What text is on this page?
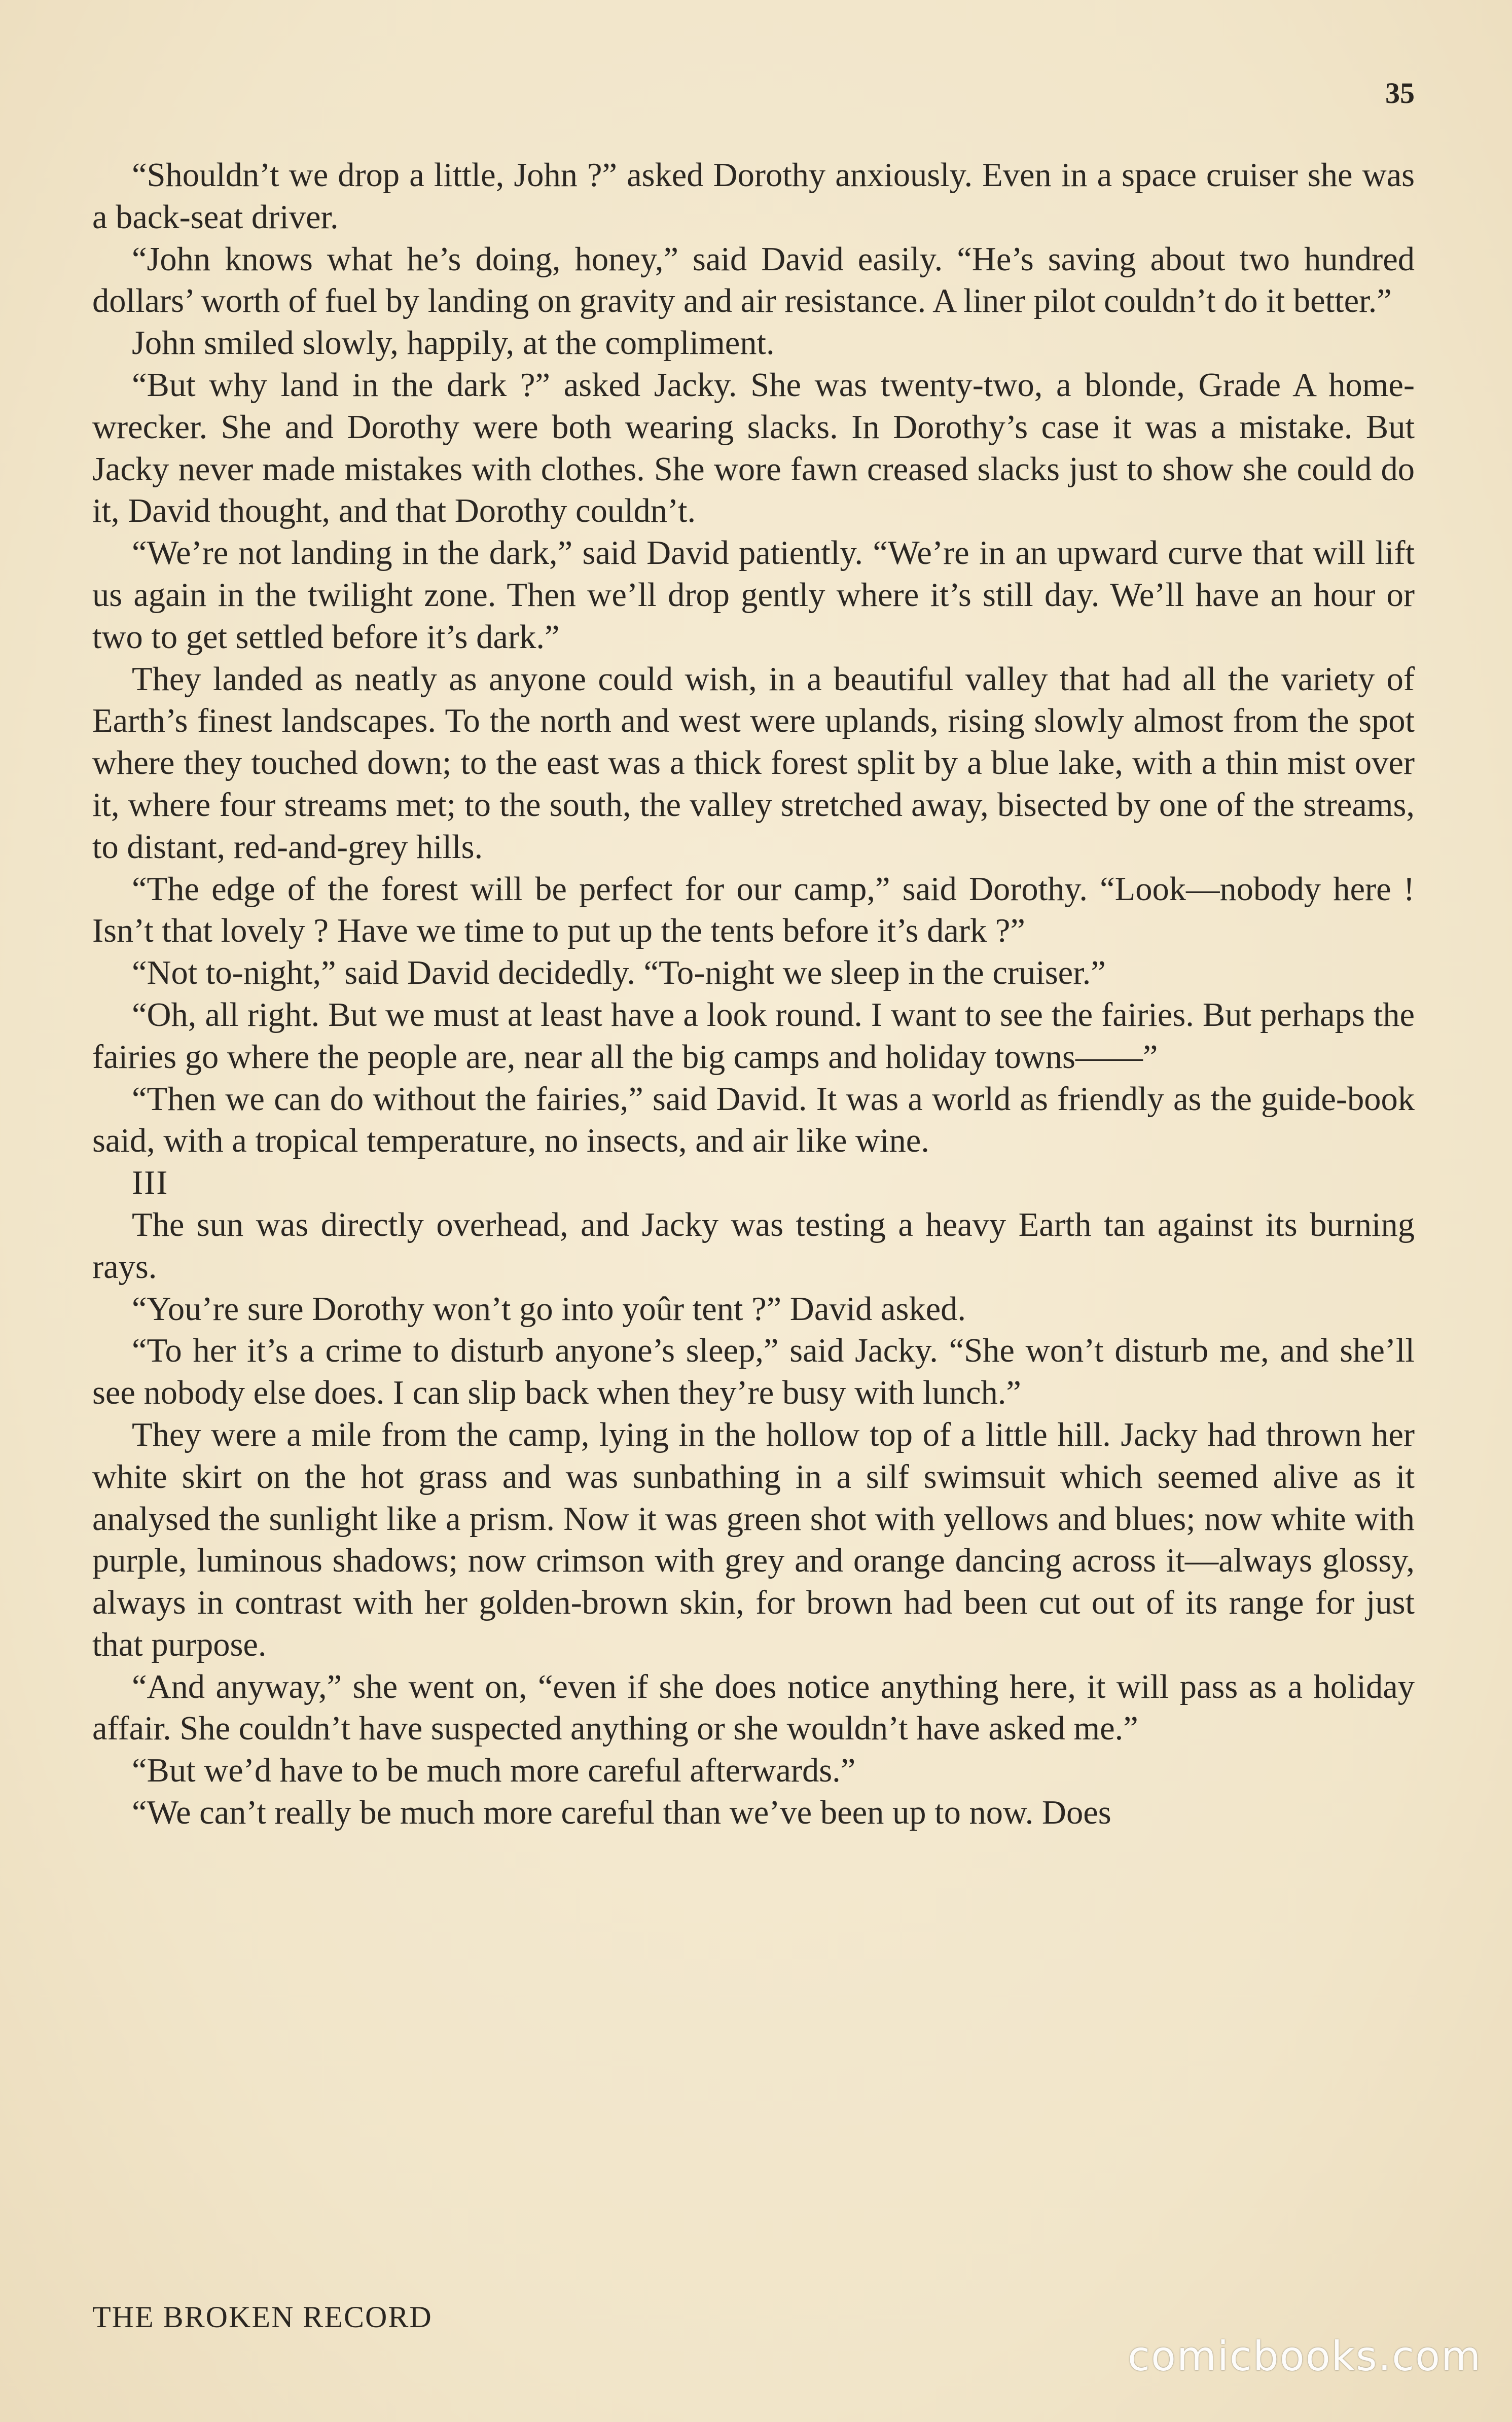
35

“Shouldn’t we drop a little, John ?” asked Dorothy anxiously. Even in a space cruiser she was a back-seat driver.

“John knows what he’s doing, honey,” said David easily. “He’s saving about two hundred dollars’ worth of fuel by landing on gravity and air resistance. A liner pilot couldn’t do it better.”

John smiled slowly, happily, at the compliment.

“But why land in the dark ?” asked Jacky. She was twenty-two, a blonde, Grade A home-wrecker. She and Dorothy were both wearing slacks. In Dorothy’s case it was a mistake. But Jacky never made mistakes with clothes. She wore fawn creased slacks just to show she could do it, David thought, and that Dorothy couldn’t.

“We’re not landing in the dark,” said David patiently. “We’re in an upward curve that will lift us again in the twilight zone. Then we’ll drop gently where it’s still day. We’ll have an hour or two to get settled before it’s dark.”

They landed as neatly as anyone could wish, in a beautiful valley that had all the variety of Earth’s finest landscapes. To the north and west were uplands, rising slowly almost from the spot where they touched down; to the east was a thick forest split by a blue lake, with a thin mist over it, where four streams met; to the south, the valley stretched away, bisected by one of the streams, to distant, red-and-grey hills.

“The edge of the forest will be perfect for our camp,” said Dorothy. “Look—nobody here ! Isn’t that lovely ? Have we time to put up the tents before it’s dark ?”

“Not to-night,” said David decidedly. “To-night we sleep in the cruiser.”

“Oh, all right. But we must at least have a look round. I want to see the fairies. But perhaps the fairies go where the people are, near all the big camps and holiday towns——”

“Then we can do without the fairies,” said David. It was a world as friendly as the guide-book said, with a tropical temperature, no insects, and air like wine.

III

The sun was directly overhead, and Jacky was testing a heavy Earth tan against its burning rays.

“You’re sure Dorothy won’t go into yoûr tent ?” David asked.

“To her it’s a crime to disturb anyone’s sleep,” said Jacky. “She won’t disturb me, and she’ll see nobody else does. I can slip back when they’re busy with lunch.”

They were a mile from the camp, lying in the hollow top of a little hill. Jacky had thrown her white skirt on the hot grass and was sunbathing in a silf swimsuit which seemed alive as it analysed the sunlight like a prism. Now it was green shot with yellows and blues; now white with purple, luminous shadows; now crimson with grey and orange dancing across it—always glossy, always in contrast with her golden-brown skin, for brown had been cut out of its range for just that purpose.

“And anyway,” she went on, “even if she does notice anything here, it will pass as a holiday affair. She couldn’t have suspected anything or she wouldn’t have asked me.”

“But we’d have to be much more careful afterwards.”

“We can’t really be much more careful than we’ve been up to now. Does

THE BROKEN RECORD
comicbooks.com
